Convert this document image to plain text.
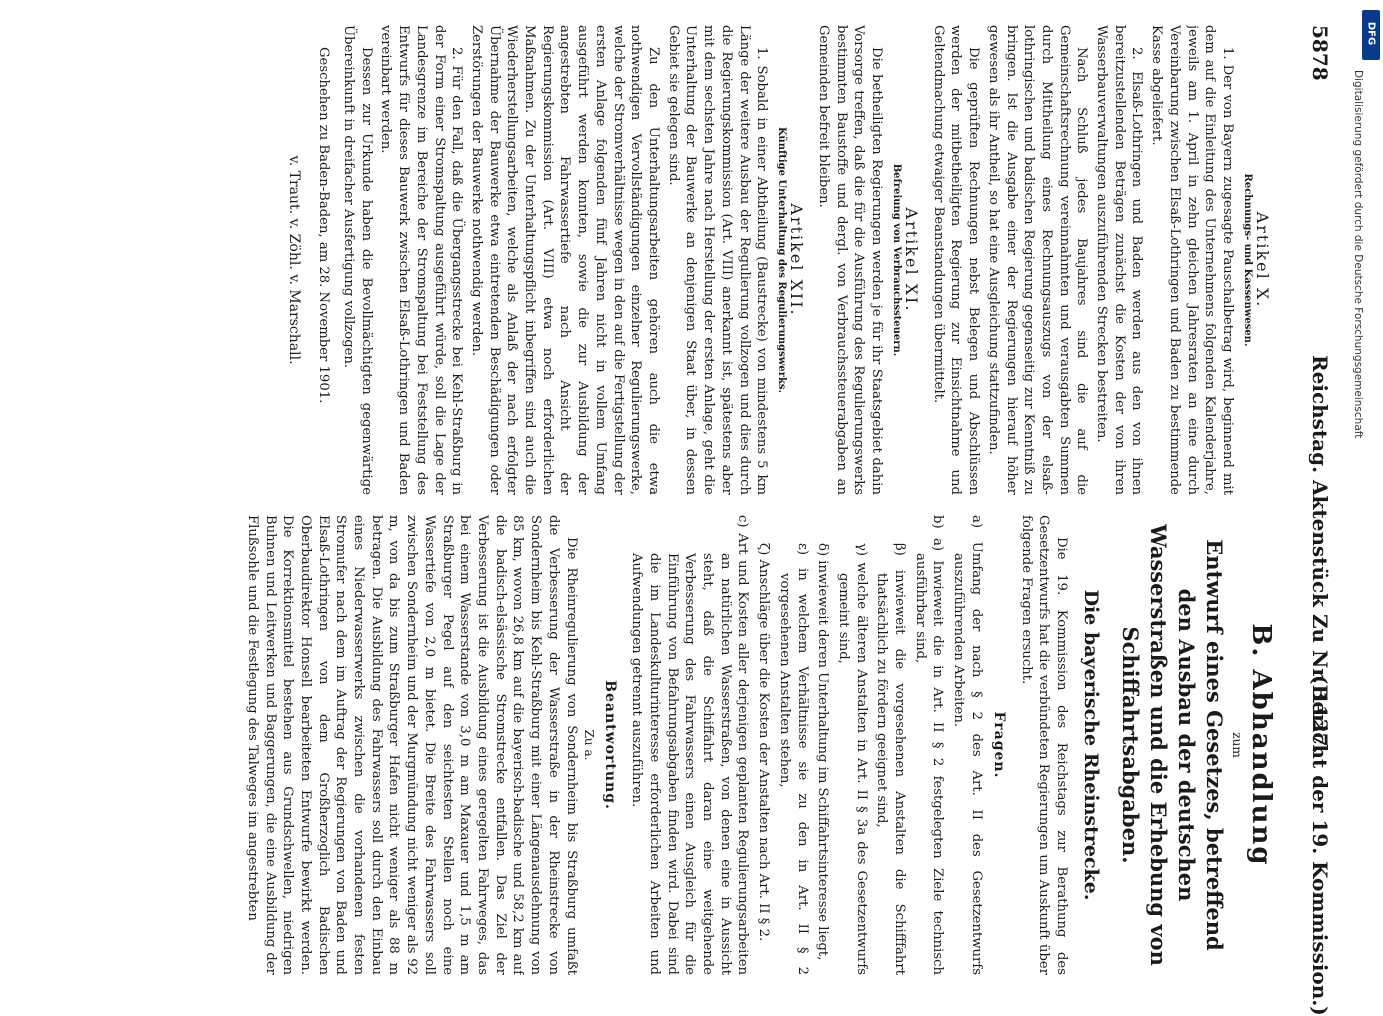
5878
Reichstag. Aktenstück Zu Nr. 1127.
(Bericht der 19. Kommission.)

Artikel X.

Rechnungs- und Kassenwesen.

1. Der von Bayern zugesagte Pauschalbetrag wird, beginnend mit dem auf die Einleitung des Unternehmens folgenden Kalenderjahre, jeweils am 1. April in zehn gleichen Jahresraten an eine durch Vereinbarung zwischen Elsaß-Lothringen und Baden zu bestimmende Kasse abgeliefert.

2. Elsaß-Lothringen und Baden werden aus den von ihnen bereitzustellenden Beträgen zunächst die Kosten der von ihren Wasserbauverwaltungen auszuführenden Strecken bestreiten.

Nach Schluß jedes Baujahres sind die auf die Gemeinschaftsrechnung vereinnahmten und verausgabten Summen durch Mittheilung eines Rechnungsauszugs von der elsaß-lothringischen und badischen Regierung gegenseitig zur Kenntniß zu bringen. Ist die Ausgabe einer der Regierungen hierauf höher gewesen als ihr Antheil, so hat eine Ausgleichung stattzufinden.

Die geprüften Rechnungen nebst Belegen und Abschlüssen werden der mitbetheiligten Regierung zur Einsichtnahme und Geltendmachung etwaiger Beanstandungen übermittelt.

Artikel XI.

Befreiung von Verbrauchssteuern.

Die betheiligten Regierungen werden je für ihr Staatsgebiet dahin Vorsorge treffen, daß die für die Ausführung des Regulierungswerks bestimmten Baustoffe und dergl. von Verbrauchssteuerabgaben an Gemeinden befreit bleiben.

Artikel XII.

Künftige Unterhaltung des Regulierungswerks.

1. Sobald in einer Abtheilung (Baustrecke) von mindestens 5 km Länge der weitere Ausbau der Regulierung vollzogen und dies durch die Regierungskommission (Art. VIII) anerkannt ist, spätestens aber mit dem sechsten Jahre nach Herstellung der ersten Anlage, geht die Unterhaltung der Bauwerke an denjenigen Staat über, in dessen Gebiet sie gelegen sind.

Zu den Unterhaltungsarbeiten gehören auch die etwa nothwendigen Vervollständigungen einzelner Regulierungswerke, welche der Stromverhältnisse wegen in den auf die Fertigstellung der ersten Anlage folgenden fünf Jahren nicht in vollem Umfang ausgeführt werden konnten, sowie die zur Ausbildung der angestrebten Fahrwassertiefe nach Ansicht der Regierungskommission (Art. VIII) etwa noch erforderlichen Maßnahmen. Zu der Unterhaltungspflicht inbegriffen sind auch die Wiederherstellungsarbeiten, welche als Anlaß der nach erfolgter Übernahme der Bauwerke etwa eintretenden Beschädigungen oder Zerstörungen der Bauwerke nothwendig werden.

2. Für den Fall, daß die Übergangsstrecke bei Kehl-Straßburg in der Form einer Stromspaltung ausgeführt würde, soll die Lage der Landesgrenze im Bereiche der Stromspaltung bei Feststellung des Entwurfs für dieses Bauwerk zwischen Elsaß-Lothringen und Baden vereinbart werden.

Dessen zur Urkunde haben die Bevollmächtigten gegenwärtige Übereinkunft in dreifacher Ausfertigung vollzogen.

Geschehen zu Baden-Baden, am 28. November 1901.

v. Traut. v. Zöhl. v. Marschall.

B. Abhandlung

zum

Entwurf eines Gesetzes, betreffend den Ausbau der deutschen Wasserstraßen und die Erhebung von Schiffahrtsabgaben.

Die bayerische Rheinstrecke.

Die 19. Kommission des Reichstags zur Berathung des Gesetzentwurfs hat die verbündeten Regierungen um Auskunft über folgende Fragen ersucht.

Fragen.

a) Umfang der nach § 2 des Art. II des Gesetzentwurfs auszuführenden Arbeiten.

b) a) Inwieweit die in Art. II § 2 festgelegten Ziele technisch ausführbar sind,

β) inwieweit die vorgesehenen Anstalten die Schifffahrt thatsächlich zu fördern geeignet sind,

γ) welche älteren Anstalten in Art. II § 3a des Gesetzentwurfs gemeint sind,

δ) inwieweit deren Unterhaltung im Schiffahrtsinteresse liegt,

ε) in welchem Verhältnisse sie zu den in Art. II § 2 vorgesehenen Anstalten stehen,

ζ) Anschläge über die Kosten der Anstalten nach Art. II § 2.

c) Art und Kosten aller derjenigen geplanten Regulierungsarbeiten an natürlichen Wasserstraßen, von denen eine in Aussicht steht, daß die Schiffahrt daran eine weitgehende Verbesserung des Fahrwassers einen Ausgleich für die Einführung von Befahrungsabgaben finden wird. Dabei sind die im Landeskulturinteresse erforderlichen Arbeiten und Aufwendungen getrennt auszuführen.

Beantwortung.

Zu a.

Die Rheinregulierung von Sondernheim bis Straßburg umfaßt die Verbesserung der Wasserstraße in der Rheinstrecke von Sondernheim bis Kehl-Straßburg mit einer Längenausdehnung von 85 km, wovon 26,8 km auf die bayerisch-badische und 58,2 km auf die badisch-elsässische Stromstrecke entfallen. Das Ziel der Verbesserung ist die Ausbildung eines geregelten Fahrweges, das bei einem Wasserstande von 3,0 m am Maxauer und 1,5 m am Straßburger Pegel auf den seichtesten Stellen noch eine Wassertiefe von 2,0 m bietet. Die Breite des Fahrwassers soll zwischen Sondernheim und der Murgmündung nicht weniger als 92 m, von da bis zum Straßburger Hafen nicht weniger als 88 m betragen. Die Ausbildung des Fahrwassers soll durch den Einbau eines Niederwasserwerks zwischen die vorhandenen festen Stromufer nach dem im Auftrag der Regierungen von Baden und Elsaß-Lothringen von dem Großherzoglich Badischen Oberbaudirektor Honsell bearbeiteten Entwurfe bewirkt werden. Die Korrektionsmittel bestehen aus Grundschwellen, niedrigen Buhnen und Leitwerken und Baggerungen, die eine Ausbildung der Flußsohle und die Festlegung des Talweges im angestrebten

DFG
Digitalisierung gefördert durch die Deutsche Forschungsgemeinschaft
